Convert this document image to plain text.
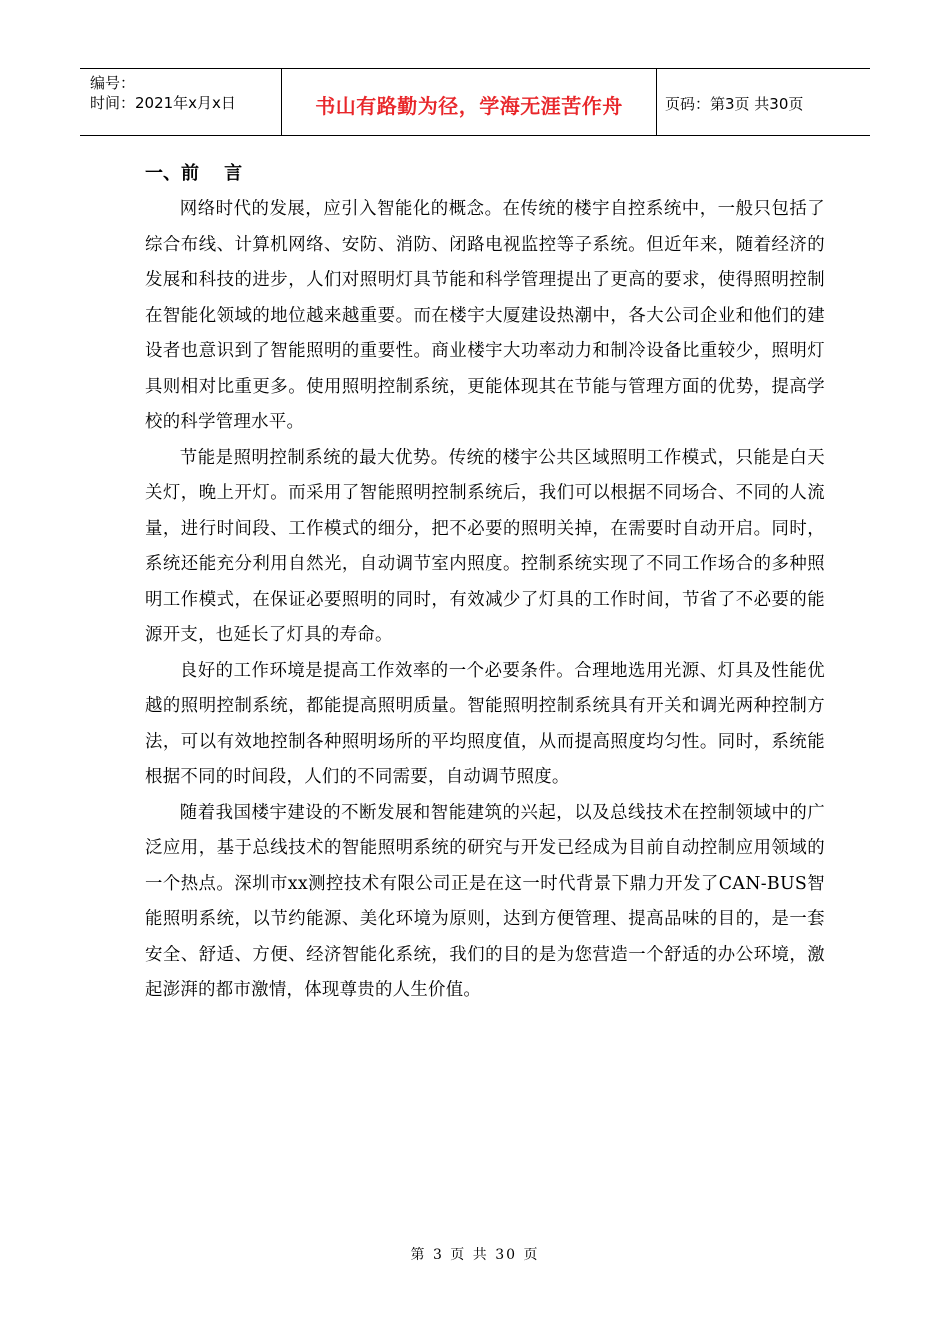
编号：
时间：2021年x月x日	书山有路勤为径，学海无涯苦作舟	页码：第3页 共30页
一、前    言

网络时代的发展，应引入智能化的概念。在传统的楼宇自控系统中，一般只包括了综合布线、计算机网络、安防、消防、闭路电视监控等子系统。但近年来，随着经济的发展和科技的进步，人们对照明灯具节能和科学管理提出了更高的要求，使得照明控制在智能化领域的地位越来越重要。而在楼宇大厦建设热潮中，各大公司企业和他们的建设者也意识到了智能照明的重要性。商业楼宇大功率动力和制冷设备比重较少，照明灯具则相对比重更多。使用照明控制系统，更能体现其在节能与管理方面的优势，提高学校的科学管理水平。

节能是照明控制系统的最大优势。传统的楼宇公共区域照明工作模式，只能是白天关灯，晚上开灯。而采用了智能照明控制系统后，我们可以根据不同场合、不同的人流量，进行时间段、工作模式的细分，把不必要的照明关掉，在需要时自动开启。同时，系统还能充分利用自然光，自动调节室内照度。控制系统实现了不同工作场合的多种照明工作模式，在保证必要照明的同时，有效减少了灯具的工作时间，节省了不必要的能源开支，也延长了灯具的寿命。

良好的工作环境是提高工作效率的一个必要条件。合理地选用光源、灯具及性能优越的照明控制系统，都能提高照明质量。智能照明控制系统具有开关和调光两种控制方法，可以有效地控制各种照明场所的平均照度值，从而提高照度均匀性。同时，系统能根据不同的时间段，人们的不同需要，自动调节照度。

随着我国楼宇建设的不断发展和智能建筑的兴起，以及总线技术在控制领域中的广泛应用，基于总线技术的智能照明系统的研究与开发已经成为目前自动控制应用领域的一个热点。深圳市xx测控技术有限公司正是在这一时代背景下鼎力开发了CAN-BUS智能照明系统，以节约能源、美化环境为原则，达到方便管理、提高品味的目的，是一套安全、舒适、方便、经济智能化系统，我们的目的是为您营造一个舒适的办公环境，激起澎湃的都市激情，体现尊贵的人生价值。

第 3 页 共 30 页
